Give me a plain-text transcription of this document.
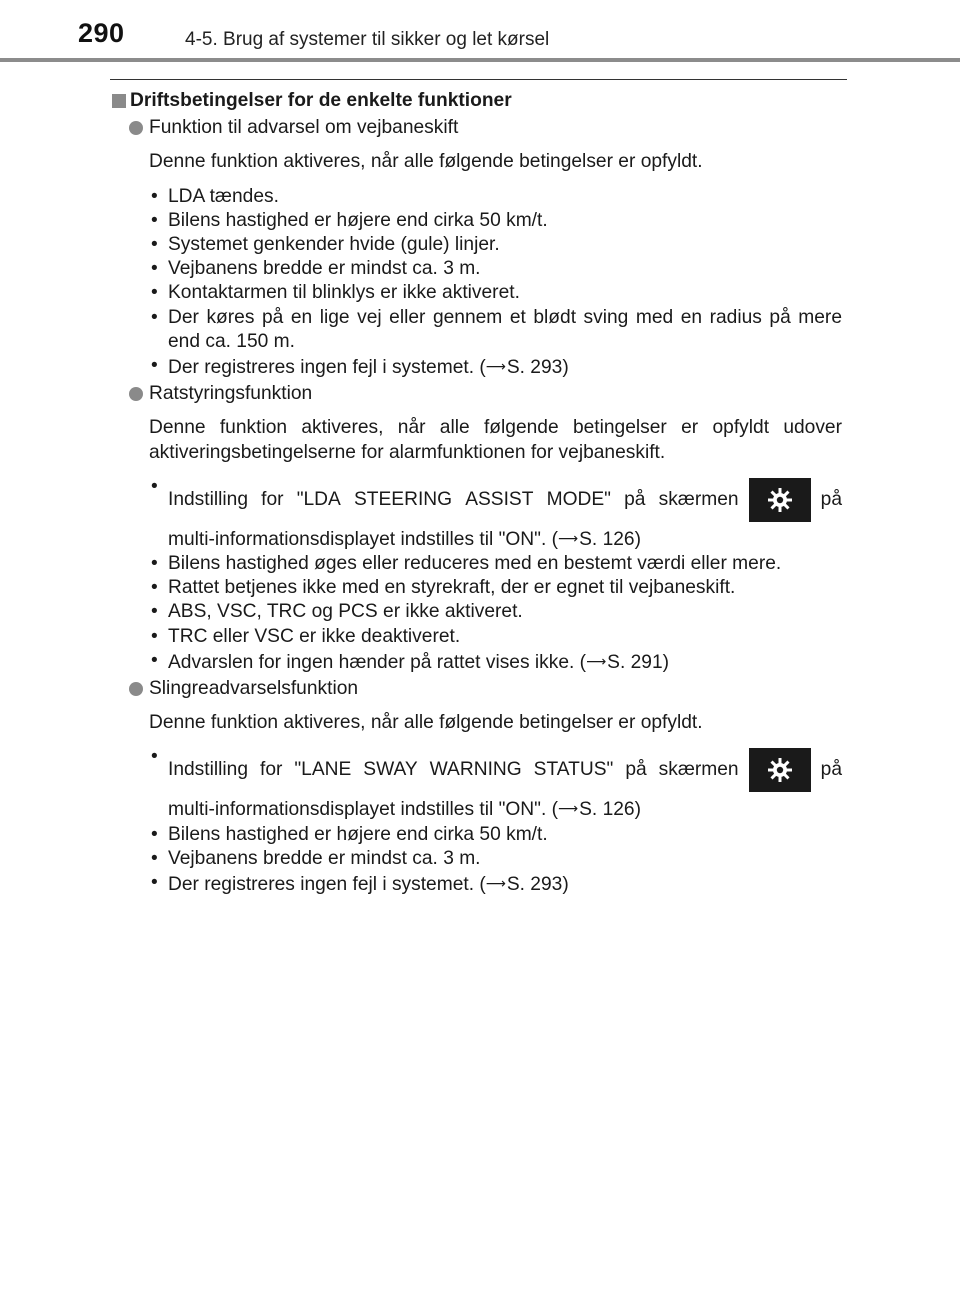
290	4-5. Brug af systemer til sikker og let kørsel
Driftsbetingelser for de enkelte funktioner
Funktion til advarsel om vejbaneskift
Denne funktion aktiveres, når alle følgende betingelser er opfyldt.
• LDA tændes.
• Bilens hastighed er højere end cirka 50 km/t.
• Systemet genkender hvide (gule) linjer.
• Vejbanens bredde er mindst ca. 3 m.
• Kontaktarmen til blinklys er ikke aktiveret.
• Der køres på en lige vej eller gennem et blødt sving med en radius på mere end ca. 150 m.
• Der registreres ingen fejl i systemet. (⟶S. 293)
Ratstyringsfunktion
Denne funktion aktiveres, når alle følgende betingelser er opfyldt udover aktiveringsbetingelserne for alarmfunktionen for vejbaneskift.
•
Indstilling for "LDA STEERING ASSIST MODE" på skærmen	på
multi-informationsdisplayet indstilles til "ON". (⟶S. 126)
• Bilens hastighed øges eller reduceres med en bestemt værdi eller mere.
• Rattet betjenes ikke med en styrekraft, der er egnet til vejbaneskift.
• ABS, VSC, TRC og PCS er ikke aktiveret.
• TRC eller VSC er ikke deaktiveret.
• Advarslen for ingen hænder på rattet vises ikke. (⟶S. 291)
Slingreadvarselsfunktion
Denne funktion aktiveres, når alle følgende betingelser er opfyldt.
•
Indstilling for "LANE SWAY WARNING STATUS" på skærmen	på
multi-informationsdisplayet indstilles til "ON". (⟶S. 126)
• Bilens hastighed er højere end cirka 50 km/t.
• Vejbanens bredde er mindst ca. 3 m.
• Der registreres ingen fejl i systemet. (⟶S. 293)
